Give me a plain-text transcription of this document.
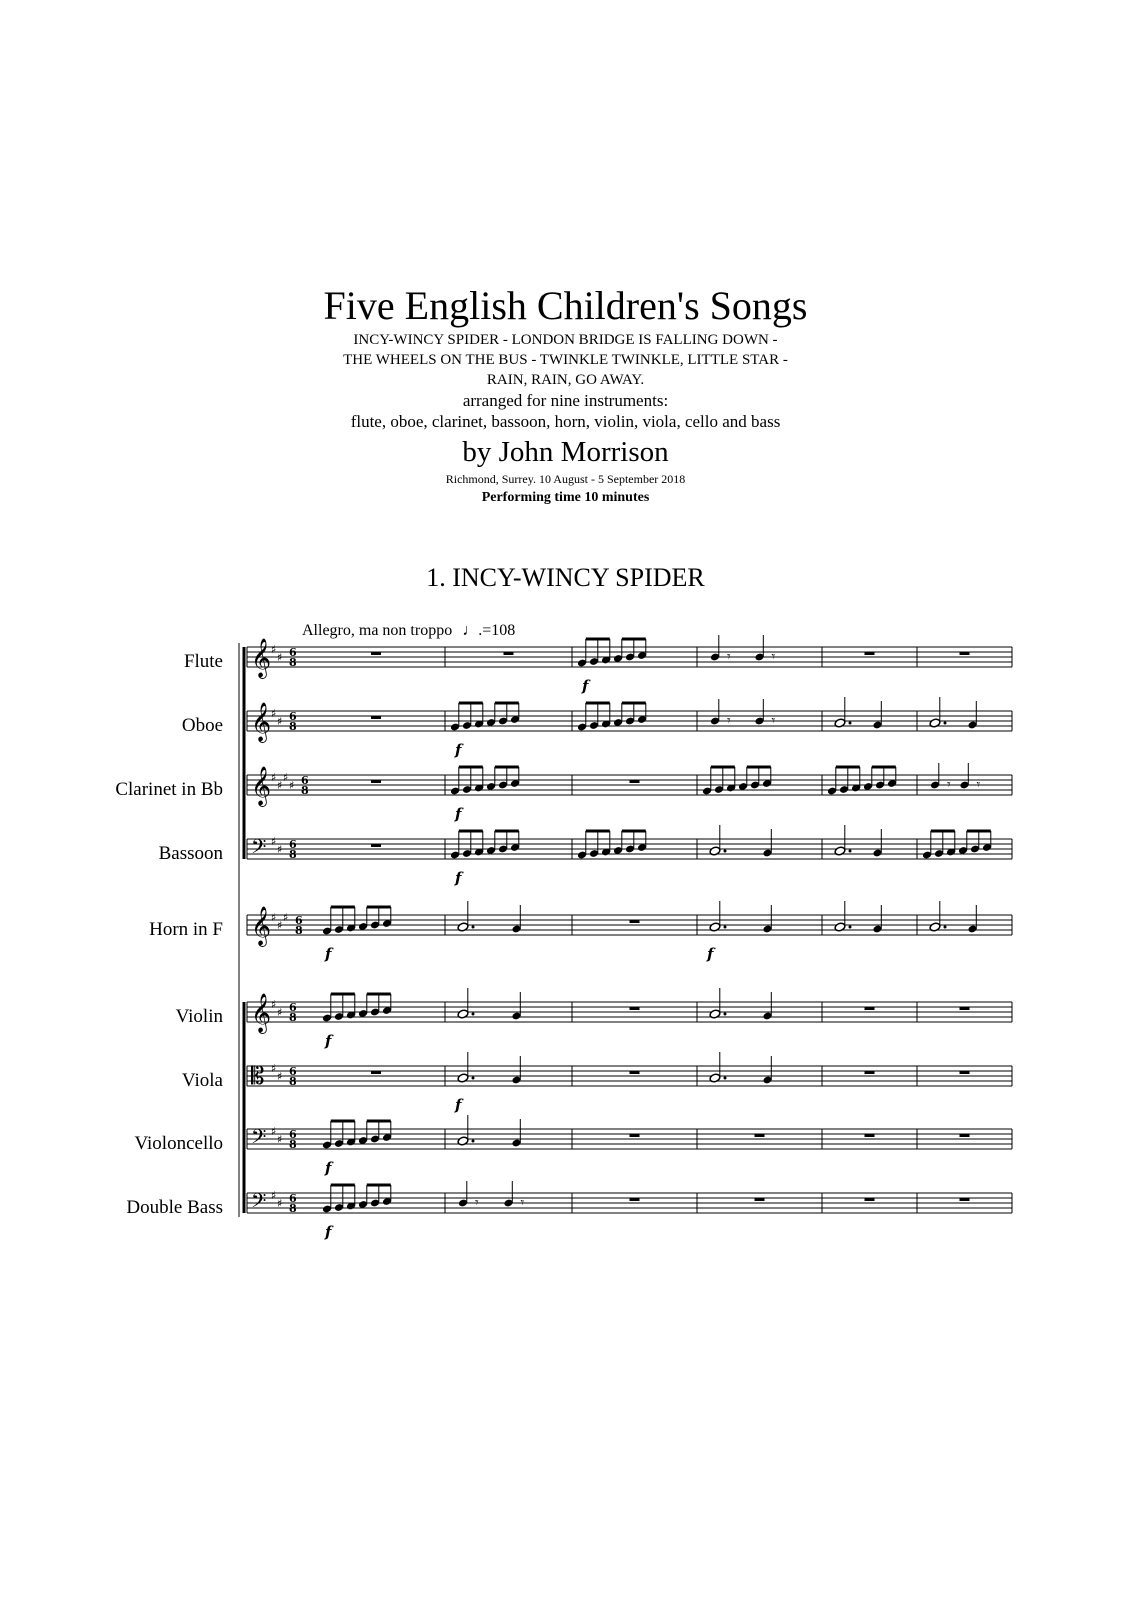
Five English Children's Songs
INCY-WINCY SPIDER - LONDON BRIDGE IS FALLING DOWN -
THE WHEELS ON THE BUS - TWINKLE TWINKLE, LITTLE STAR -
RAIN, RAIN, GO AWAY.
arranged for nine instruments:
flute, oboe, clarinet, bassoon, horn, violin, viola, cello and bass
by John Morrison
Richmond, Surrey. 10 August - 5 September 2018
Performing time 10 minutes
1. INCY-WINCY SPIDER
Allegro, ma non troppo ♩.=108
Flute
Oboe
Clarinet in Bb
Bassoon
Horn in F
Violin
Viola
Violoncello
Double Bass
𝄞 ♯
♯ 6
8
𝄞 ♯
♯ 6
8
𝄞 ♯
♯
♯
♯ 6
8
𝄢 ♯
♯ 6
8
𝄞 ♯
♯
♯ 6
8
𝄞 ♯
♯ 6
8
𝄡 ♯
♯ 6
8
𝄢 ♯
♯ 6
8
𝄢 ♯
♯ 6
8
𝄾	𝄾
𝄾	𝄾
𝄾 𝄾
𝄾	𝄾
f
f
f
f
f	f
f
f
f
f
